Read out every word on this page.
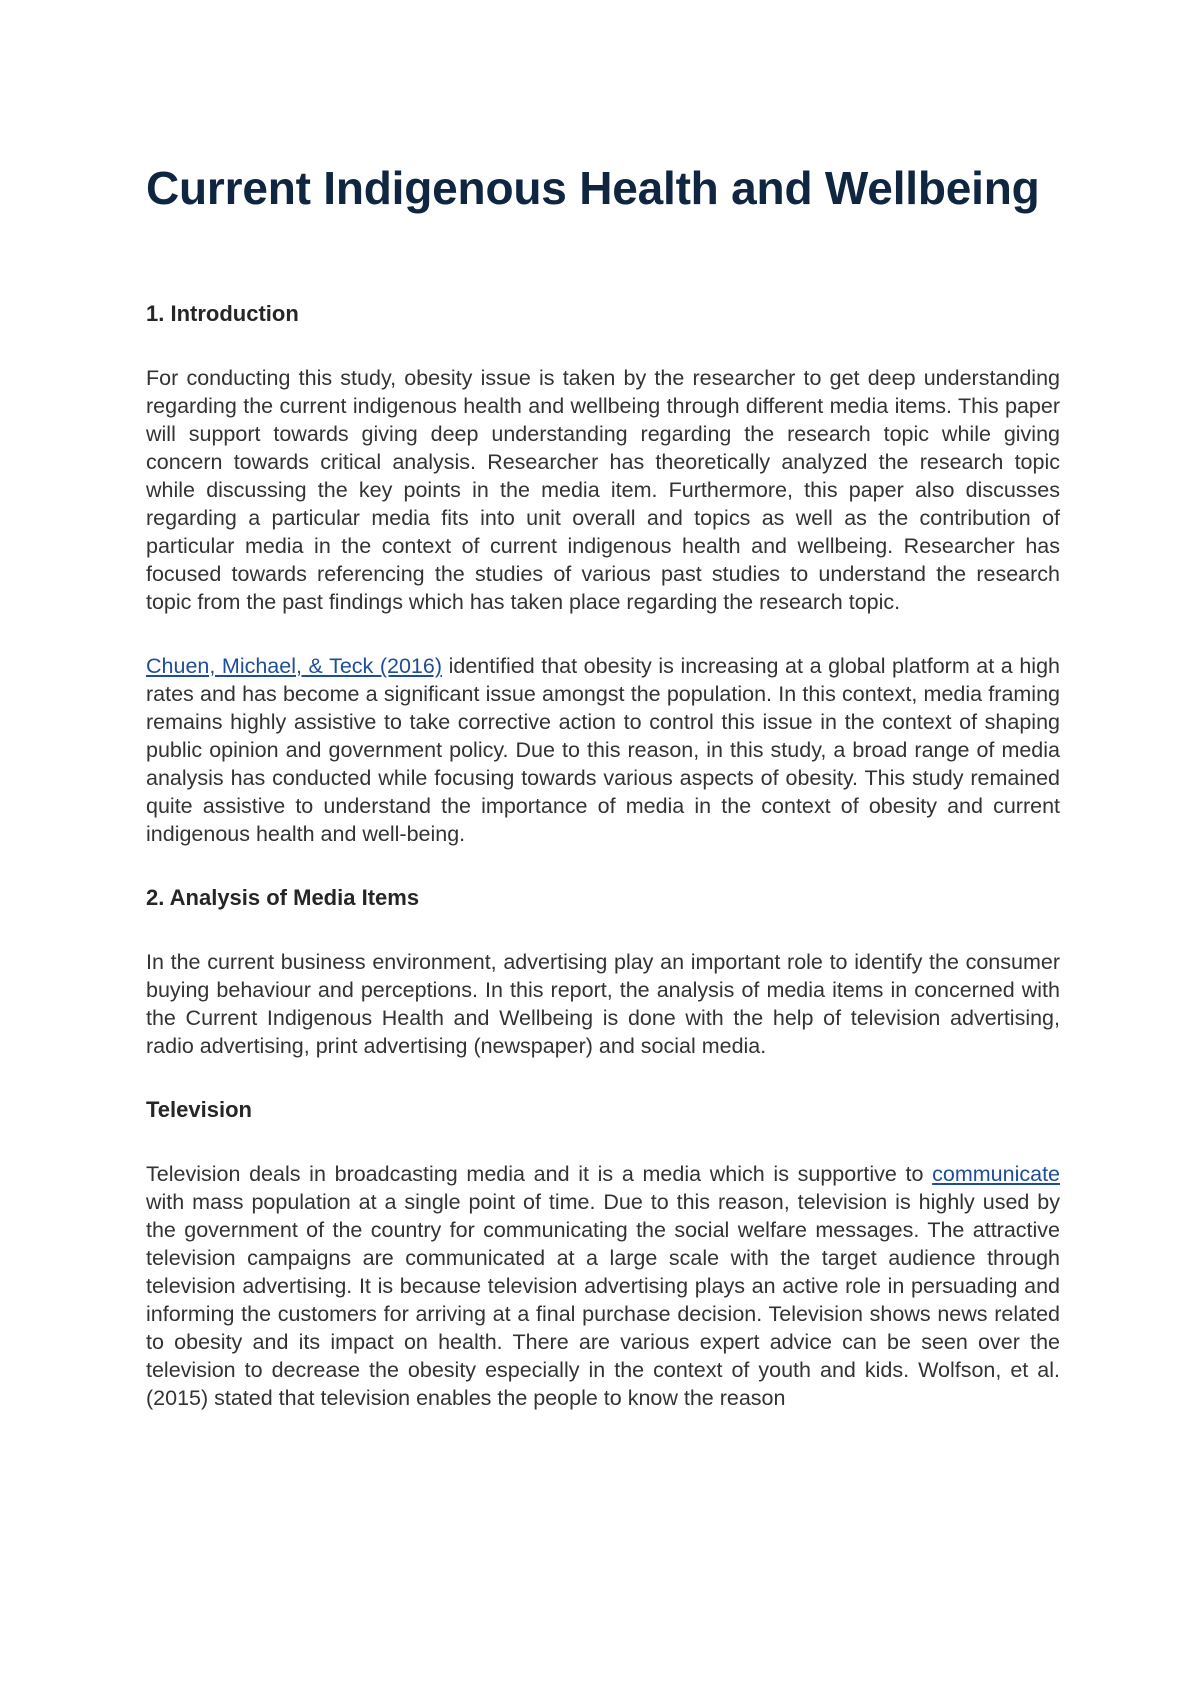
Current Indigenous Health and Wellbeing
1. Introduction

For conducting this study, obesity issue is taken by the researcher to get deep understanding regarding the current indigenous health and wellbeing through different media items. This paper will support towards giving deep understanding regarding the research topic while giving concern towards critical analysis. Researcher has theoretically analyzed the research topic while discussing the key points in the media item. Furthermore, this paper also discusses regarding a particular media fits into unit overall and topics as well as the contribution of particular media in the context of current indigenous health and wellbeing. Researcher has focused towards referencing the studies of various past studies to understand the research topic from the past findings which has taken place regarding the research topic.

Chuen, Michael, & Teck (2016) identified that obesity is increasing at a global platform at a high rates and has become a significant issue amongst the population. In this context, media framing remains highly assistive to take corrective action to control this issue in the context of shaping public opinion and government policy. Due to this reason, in this study, a broad range of media analysis has conducted while focusing towards various aspects of obesity. This study remained quite assistive to understand the importance of media in the context of obesity and current indigenous health and well-being.

2. Analysis of Media Items

In the current business environment, advertising play an important role to identify the consumer buying behaviour and perceptions. In this report, the analysis of media items in concerned with the Current Indigenous Health and Wellbeing is done with the help of television advertising, radio advertising, print advertising (newspaper) and social media.

Television

Television deals in broadcasting media and it is a media which is supportive to communicate with mass population at a single point of time. Due to this reason, television is highly used by the government of the country for communicating the social welfare messages. The attractive television campaigns are communicated at a large scale with the target audience through television advertising. It is because television advertising plays an active role in persuading and informing the customers for arriving at a final purchase decision. Television shows news related to obesity and its impact on health. There are various expert advice can be seen over the television to decrease the obesity especially in the context of youth and kids. Wolfson, et al. (2015) stated that television enables the people to know the reason
